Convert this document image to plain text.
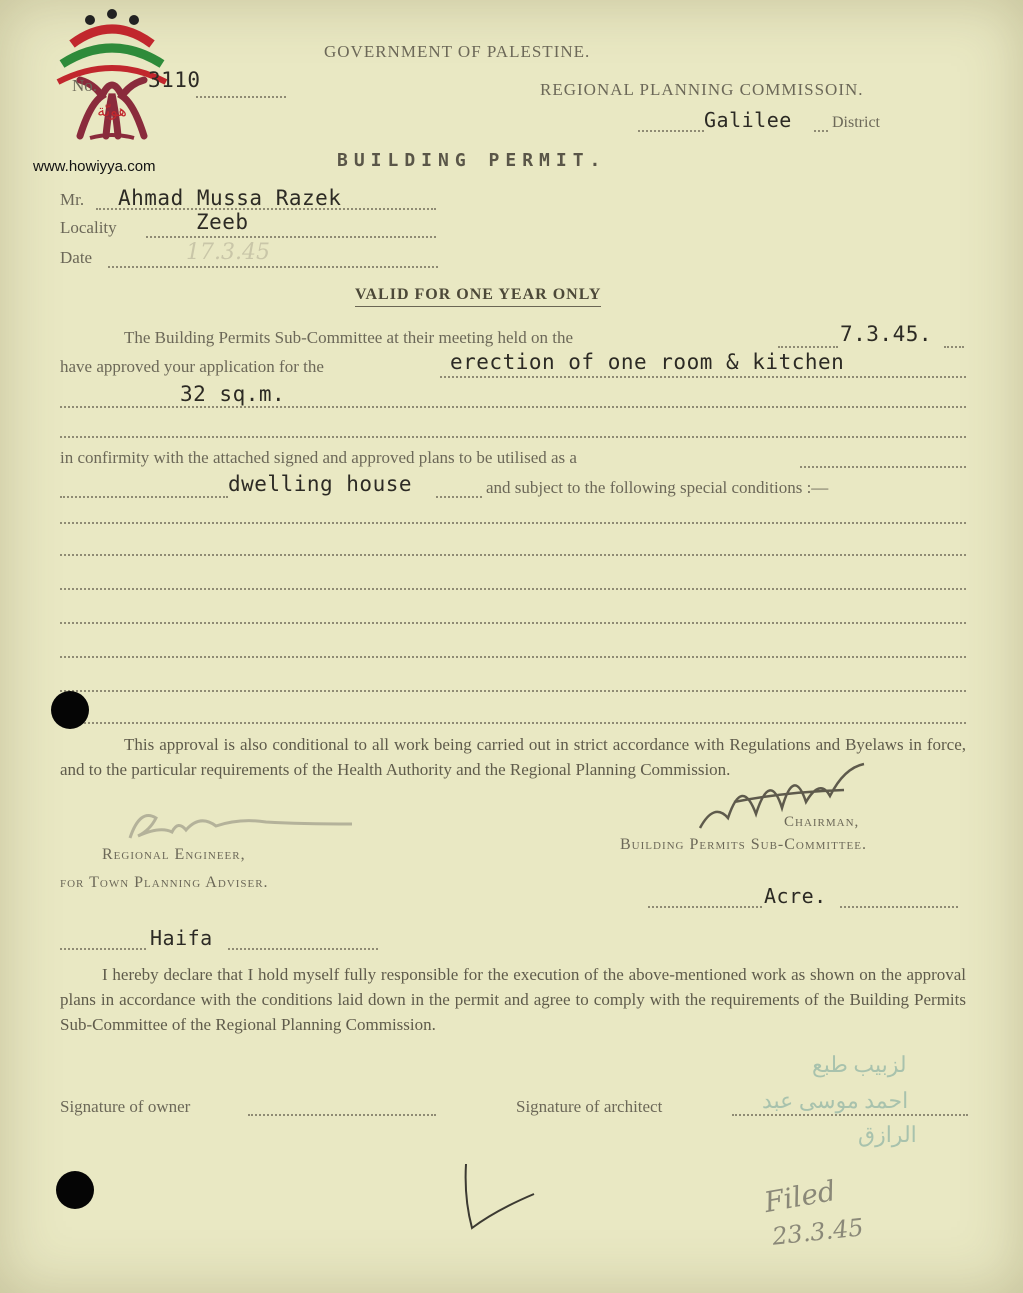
هويّة
www.howiyya.com
GOVERNMENT OF PALESTINE.
REGIONAL PLANNING COMMISSOIN.
Galilee	District
No. 3110
BUILDING PERMIT.
Mr. Ahmad Mussa Razek
Locality	Zeeb
Date	17.3.45
VALID FOR ONE YEAR ONLY
The Building Permits Sub-Committee at their meeting held on the	7.3.45.
have approved your application for the	erection of one room & kitchen
32 sq.m.
in confirmity with the attached signed and approved plans to be utilised as a
dwelling house	and subject to the following special conditions :—
This approval is also conditional to all work being carried out in strict accordance with Regulations and Byelaws in force, and to the particular requirements of the Health Authority and the Regional Planning Commission.
Regional Engineer,
for Town Planning Adviser.
Chairman,
Building Permits Sub-Committee.
Acre.
Haifa
I hereby declare that I hold myself fully responsible for the execution of the above-mentioned work as shown on the approval plans in accordance with the conditions laid down in the permit and agree to comply with the requirements of the Building Permits Sub-Committee of the Regional Planning Commission.
Signature of owner	Signature of architect
لزبيب طبع
احمد موسى عبد
الرازق
Filed
23.3.45
